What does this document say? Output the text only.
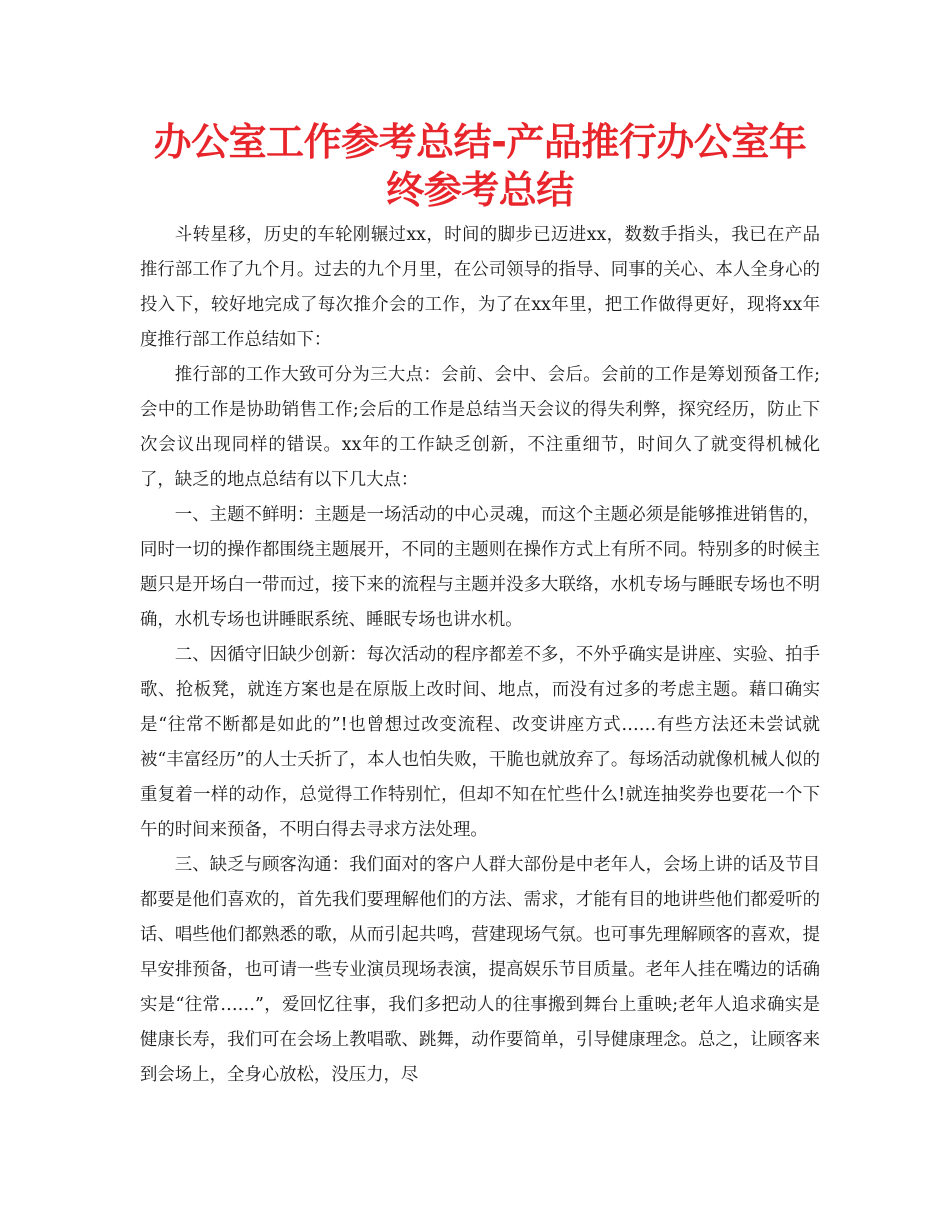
办公室工作参考总结-产品推行办公室年终参考总结

斗转星移，历史的车轮刚辗过xx，时间的脚步已迈进xx，数数手指头，我已在产品推行部工作了九个月。过去的九个月里，在公司领导的指导、同事的关心、本人全身心的投入下，较好地完成了每次推介会的工作，为了在xx年里，把工作做得更好，现将xx年度推行部工作总结如下：

推行部的工作大致可分为三大点：会前、会中、会后。会前的工作是筹划预备工作;会中的工作是协助销售工作;会后的工作是总结当天会议的得失利弊，探究经历，防止下次会议出现同样的错误。xx年的工作缺乏创新，不注重细节，时间久了就变得机械化了，缺乏的地点总结有以下几大点：

一、主题不鲜明：主题是一场活动的中心灵魂，而这个主题必须是能够推进销售的，同时一切的操作都围绕主题展开，不同的主题则在操作方式上有所不同。特别多的时候主题只是开场白一带而过，接下来的流程与主题并没多大联络，水机专场与睡眠专场也不明确，水机专场也讲睡眠系统、睡眠专场也讲水机。

二、因循守旧缺少创新：每次活动的程序都差不多，不外乎确实是讲座、实验、拍手歌、抢板凳，就连方案也是在原版上改时间、地点，而没有过多的考虑主题。藉口确实是“往常不断都是如此的”!也曾想过改变流程、改变讲座方式……有些方法还未尝试就被“丰富经历”的人士夭折了，本人也怕失败，干脆也就放弃了。每场活动就像机械人似的重复着一样的动作，总觉得工作特别忙，但却不知在忙些什么!就连抽奖券也要花一个下午的时间来预备，不明白得去寻求方法处理。

三、缺乏与顾客沟通：我们面对的客户人群大部份是中老年人，会场上讲的话及节目都要是他们喜欢的，首先我们要理解他们的方法、需求，才能有目的地讲些他们都爱听的话、唱些他们都熟悉的歌，从而引起共鸣，营建现场气氛。也可事先理解顾客的喜欢，提早安排预备，也可请一些专业演员现场表演，提高娱乐节目质量。老年人挂在嘴边的话确实是“往常……”，爱回忆往事，我们多把动人的往事搬到舞台上重映;老年人追求确实是健康长寿，我们可在会场上教唱歌、跳舞，动作要简单，引导健康理念。总之，让顾客来到会场上，全身心放松，没压力，尽
